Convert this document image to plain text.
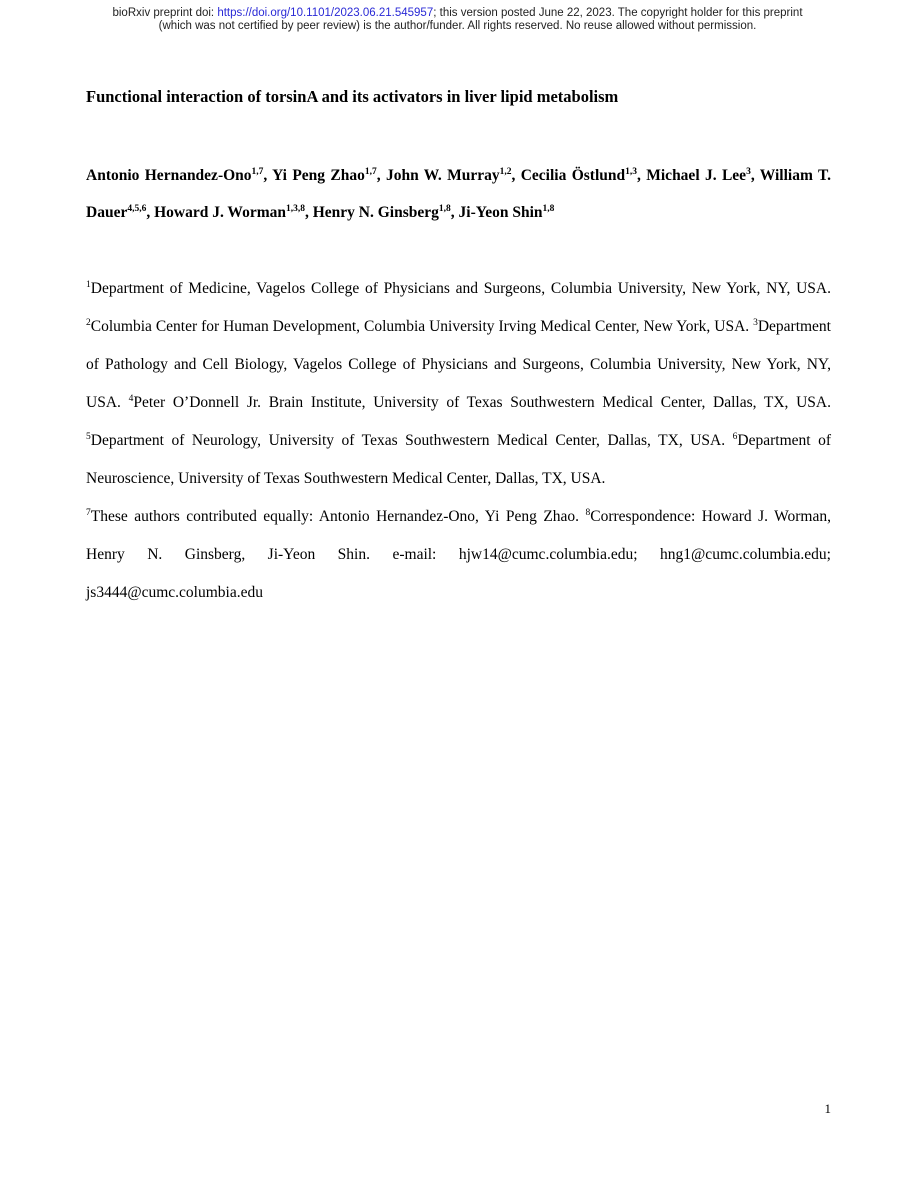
bioRxiv preprint doi: https://doi.org/10.1101/2023.06.21.545957; this version posted June 22, 2023. The copyright holder for this preprint
(which was not certified by peer review) is the author/funder. All rights reserved. No reuse allowed without permission.
Functional interaction of torsinA and its activators in liver lipid metabolism
Antonio Hernandez-Ono$^{1,7}$, Yi Peng Zhao$^{1,7}$, John W. Murray$^{1,2}$, Cecilia Östlund$^{1,3}$, Michael J. Lee$^3$, William T. Dauer$^{4,5,6}$, Howard J. Worman$^{1,3,8}$, Henry N. Ginsberg$^{1,8}$, Ji-Yeon Shin$^{1,8}$

$^1$Department of Medicine, Vagelos College of Physicians and Surgeons, Columbia University, New York, NY, USA. $^2$Columbia Center for Human Development, Columbia University Irving Medical Center, New York, USA. $^3$Department of Pathology and Cell Biology, Vagelos College of Physicians and Surgeons, Columbia University, New York, NY, USA. $^4$Peter O’Donnell Jr. Brain Institute, University of Texas Southwestern Medical Center, Dallas, TX, USA. $^5$Department of Neurology, University of Texas Southwestern Medical Center, Dallas, TX, USA. $^6$Department of Neuroscience, University of Texas Southwestern Medical Center, Dallas, TX, USA.

$^7$These authors contributed equally: Antonio Hernandez-Ono, Yi Peng Zhao. $^8$Correspondence: Howard J. Worman, Henry N. Ginsberg, Ji-Yeon Shin. e-mail: hjw14@cumc.columbia.edu; hng1@cumc.columbia.edu; js3444@cumc.columbia.edu

1
